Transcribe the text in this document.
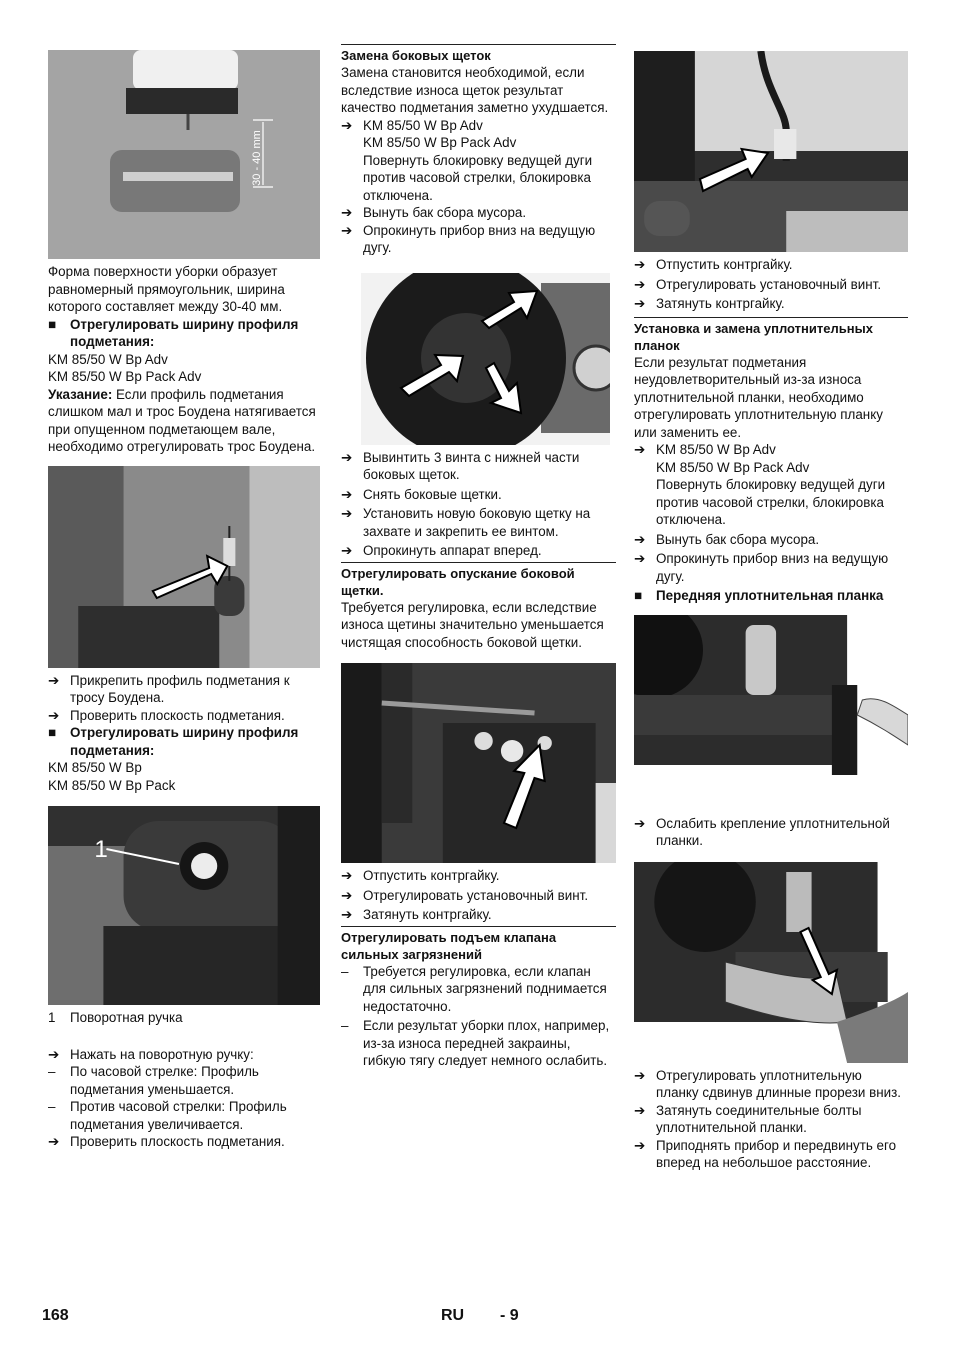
30 - 40 mm

Форма поверхности уборки образует равномерный прямоугольник, ширина которого составляет между 30-40 мм.

■	Отрегулировать ширину профиля подметания:

KM 85/50 W Bp Adv

KM 85/50 W Bp Pack Adv

Указание: Если профиль подметания слишком мал и трос Боудена натягивается при опущенном подметающем вале, необходимо отрегулировать трос Боудена.

➔ Прикрепить профиль подметания к тросу Боудена.
➔ Проверить плоскость подметания.
■	Отрегулировать ширину профиля подметания:

KM 85/50 W Bp

KM 85/50 W Bp Pack

1
1 Поворотная ручка
➔ Нажать на поворотную ручку:
–	По часовой стрелке: Профиль подметания уменьшается.
–	Против часовой стрелки: Профиль подметания увеличивается.
➔ Проверить плоскость подметания.
Замена боковых щеток

Замена становится необходимой, если вследствие износа щеток результат качество подметания заметно ухудшается.

➔ KM 85/50 W Bp Adv

KM 85/50 W Bp Pack Adv

Повернуть блокировку ведущей дуги против часовой стрелки, блокировка отключена.

➔ Вынуть бак сбора мусора.
➔ Опрокинуть прибор вниз на ведущую дугу.
➔ Вывинтить 3 винта с нижней части боковых щеток.
➔ Снять боковые щетки.
➔ Установить новую боковую щетку на захвате и закрепить ее винтом.
➔ Опрокинуть аппарат вперед.
Отрегулировать опускание боковой щетки.

Требуется регулировка, если вследствие износа щетины значительно уменьшается чистящая способность боковой щетки.

➔ Отпустить контргайку.
➔ Отрегулировать установочный винт.
➔ Затянуть контргайку.
Отрегулировать подъем клапана сильных загрязнений
–	Требуется регулировка, если клапан для сильных загрязнений поднимается недостаточно.
–	Если результат уборки плох, например, из-за износа передней закраины, гибкую тягу следует немного ослабить.
➔ Отпустить контргайку.
➔ Отрегулировать установочный винт.
➔ Затянуть контргайку.
Установка и замена уплотнительных планок

Если результат подметания неудовлетворительный из-за износа уплотнительной планки, необходимо отрегулировать уплотнительную планку или заменить ее.

➔ KM 85/50 W Bp Adv

KM 85/50 W Bp Pack Adv

Повернуть блокировку ведущей дуги против часовой стрелки, блокировка отключена.

➔ Вынуть бак сбора мусора.
➔ Опрокинуть прибор вниз на ведущую дугу.
■	Передняя уплотнительная планка
➔ Ослабить крепление уплотнительной планки.
➔ Отрегулировать уплотнительную планку сдвинув длинные прорези вниз.
➔ Затянуть соединительные болты уплотнительной планки.
➔ Приподнять прибор и передвинуть его вперед на небольшое расстояние.
168	RU - 9
